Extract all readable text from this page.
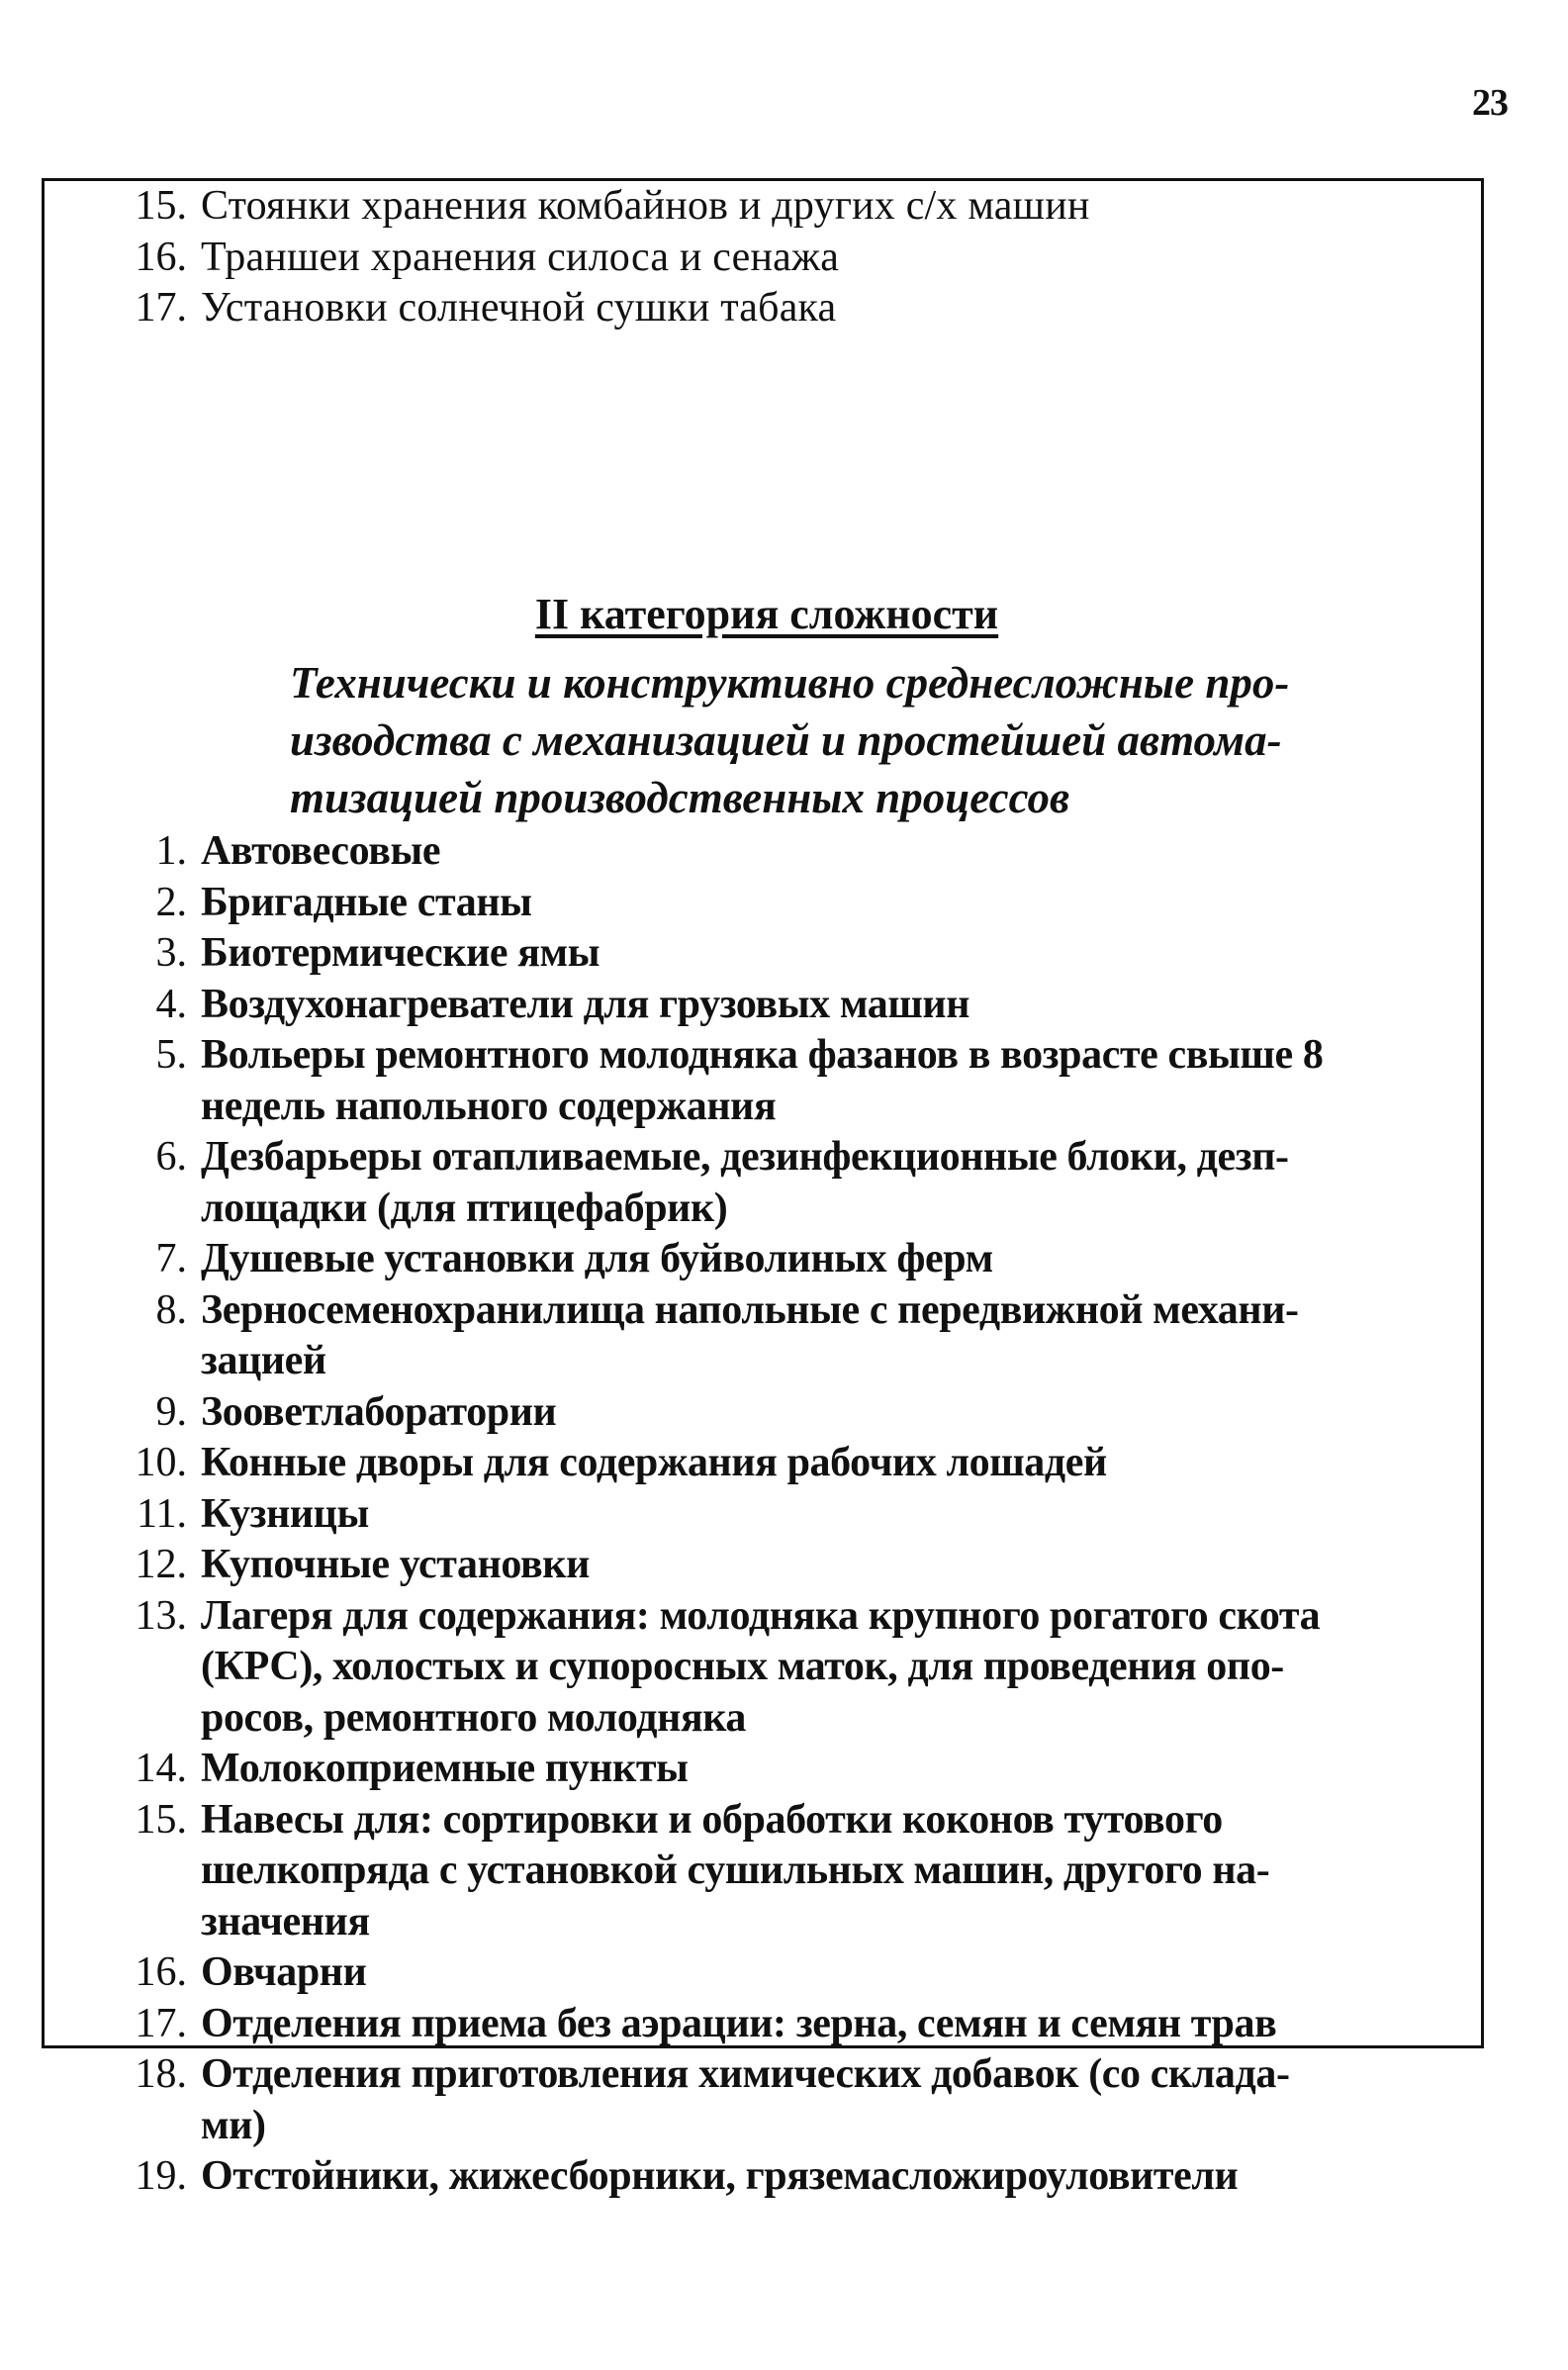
23
15. Стоянки хранения комбайнов и других с/х машин
16. Траншеи хранения силоса и сенажа
17. Установки солнечной сушки табака
II категория сложности
Технически и конструктивно среднесложные про-
изводства с механизацией и простейшей автома-
тизацией производственных процессов
1. Автовесовые
2. Бригадные станы
3. Биотермические ямы
4. Воздухонагреватели для грузовых машин
5. Вольеры ремонтного молодняка фазанов в возрасте свыше 8
недель напольного содержания
6. Дезбарьеры отапливаемые, дезинфекционные блоки, дезп-
лощадки (для птицефабрик)
7. Душевые установки для буйволиных ферм
8. Зерносеменохранилища напольные с передвижной механи-
зацией
9. Зооветлаборатории
10. Конные дворы для содержания рабочих лошадей
11. Кузницы
12. Купочные установки
13. Лагеря для содержания: молодняка крупного рогатого скота
(КРС), холостых и супоросных маток, для проведения опо-
росов, ремонтного молодняка
14. Молокоприемные пункты
15. Навесы для: сортировки и обработки коконов тутового
шелкопряда с установкой сушильных машин, другого на-
значения
16. Овчарни
17. Отделения приема без аэрации: зерна, семян и семян трав
18. Отделения приготовления химических добавок (со склада-
ми)
19. Отстойники, жижесборники, гряземасложироуловители
